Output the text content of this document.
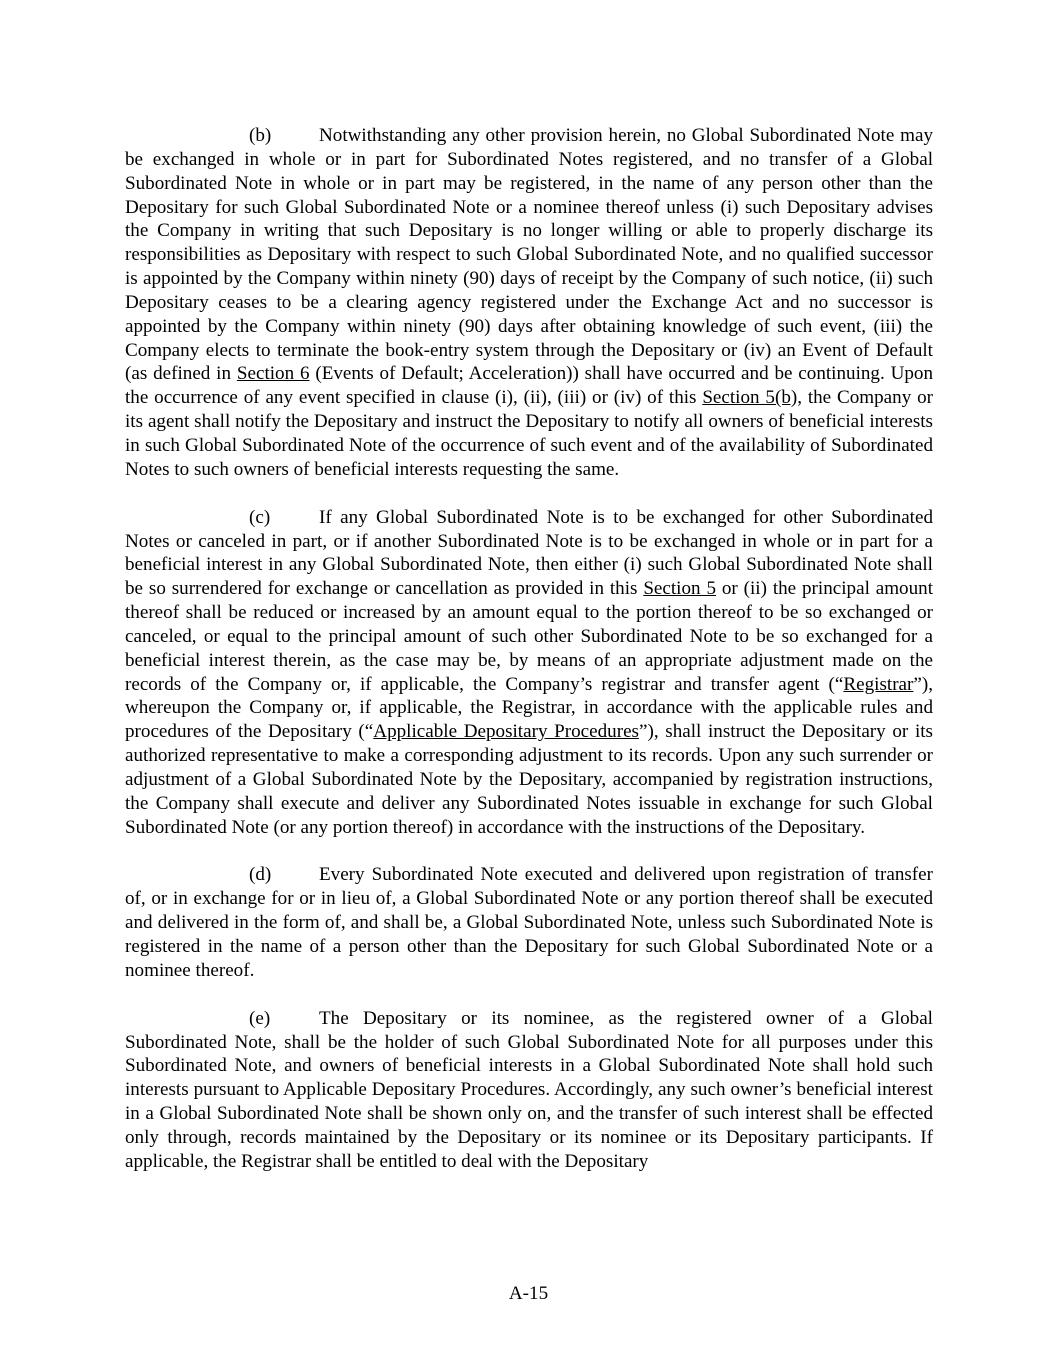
(b) Notwithstanding any other provision herein, no Global Subordinated Note may be exchanged in whole or in part for Subordinated Notes registered, and no transfer of a Global Subordinated Note in whole or in part may be registered, in the name of any person other than the Depositary for such Global Subordinated Note or a nominee thereof unless (i) such Depositary advises the Company in writing that such Depositary is no longer willing or able to properly discharge its responsibilities as Depositary with respect to such Global Subordinated Note, and no qualified successor is appointed by the Company within ninety (90) days of receipt by the Company of such notice, (ii) such Depositary ceases to be a clearing agency registered under the Exchange Act and no successor is appointed by the Company within ninety (90) days after obtaining knowledge of such event, (iii) the Company elects to terminate the book-entry system through the Depositary or (iv) an Event of Default (as defined in Section 6 (Events of Default; Acceleration)) shall have occurred and be continuing. Upon the occurrence of any event specified in clause (i), (ii), (iii) or (iv) of this Section 5(b), the Company or its agent shall notify the Depositary and instruct the Depositary to notify all owners of beneficial interests in such Global Subordinated Note of the occurrence of such event and of the availability of Subordinated Notes to such owners of beneficial interests requesting the same.

(c)	If any Global Subordinated Note is to be exchanged for other Subordinated Notes or canceled in part, or if another Subordinated Note is to be exchanged in whole or in part for a beneficial interest in any Global Subordinated Note, then either (i) such Global Subordinated Note shall be so surrendered for exchange or cancellation as provided in this Section 5 or (ii) the principal amount thereof shall be reduced or increased by an amount equal to the portion thereof to be so exchanged or canceled, or equal to the principal amount of such other Subordinated Note to be so exchanged for a beneficial interest therein, as the case may be, by means of an appropriate adjustment made on the records of the Company or, if applicable, the Company’s registrar and transfer agent (“Registrar”), whereupon the Company or, if applicable, the Registrar, in accordance with the applicable rules and procedures of the Depositary (“Applicable Depositary Procedures”), shall instruct the Depositary or its authorized representative to make a corresponding adjustment to its records. Upon any such surrender or adjustment of a Global Subordinated Note by the Depositary, accompanied by registration instructions, the Company shall execute and deliver any Subordinated Notes issuable in exchange for such Global Subordinated Note (or any portion thereof) in accordance with the instructions of the Depositary.

(d) Every Subordinated Note executed and delivered upon registration of transfer of, or in exchange for or in lieu of, a Global Subordinated Note or any portion thereof shall be executed and delivered in the form of, and shall be, a Global Subordinated Note, unless such Subordinated Note is registered in the name of a person other than the Depositary for such Global Subordinated Note or a nominee thereof.

(e)	The Depositary or its nominee, as the registered owner of a Global Subordinated Note, shall be the holder of such Global Subordinated Note for all purposes under this Subordinated Note, and owners of beneficial interests in a Global Subordinated Note shall hold such interests pursuant to Applicable Depositary Procedures. Accordingly, any such owner’s beneficial interest in a Global Subordinated Note shall be shown only on, and the transfer of such interest shall be effected only through, records maintained by the Depositary or its nominee or its Depositary participants. If applicable, the Registrar shall be entitled to deal with the Depositary

A-15
